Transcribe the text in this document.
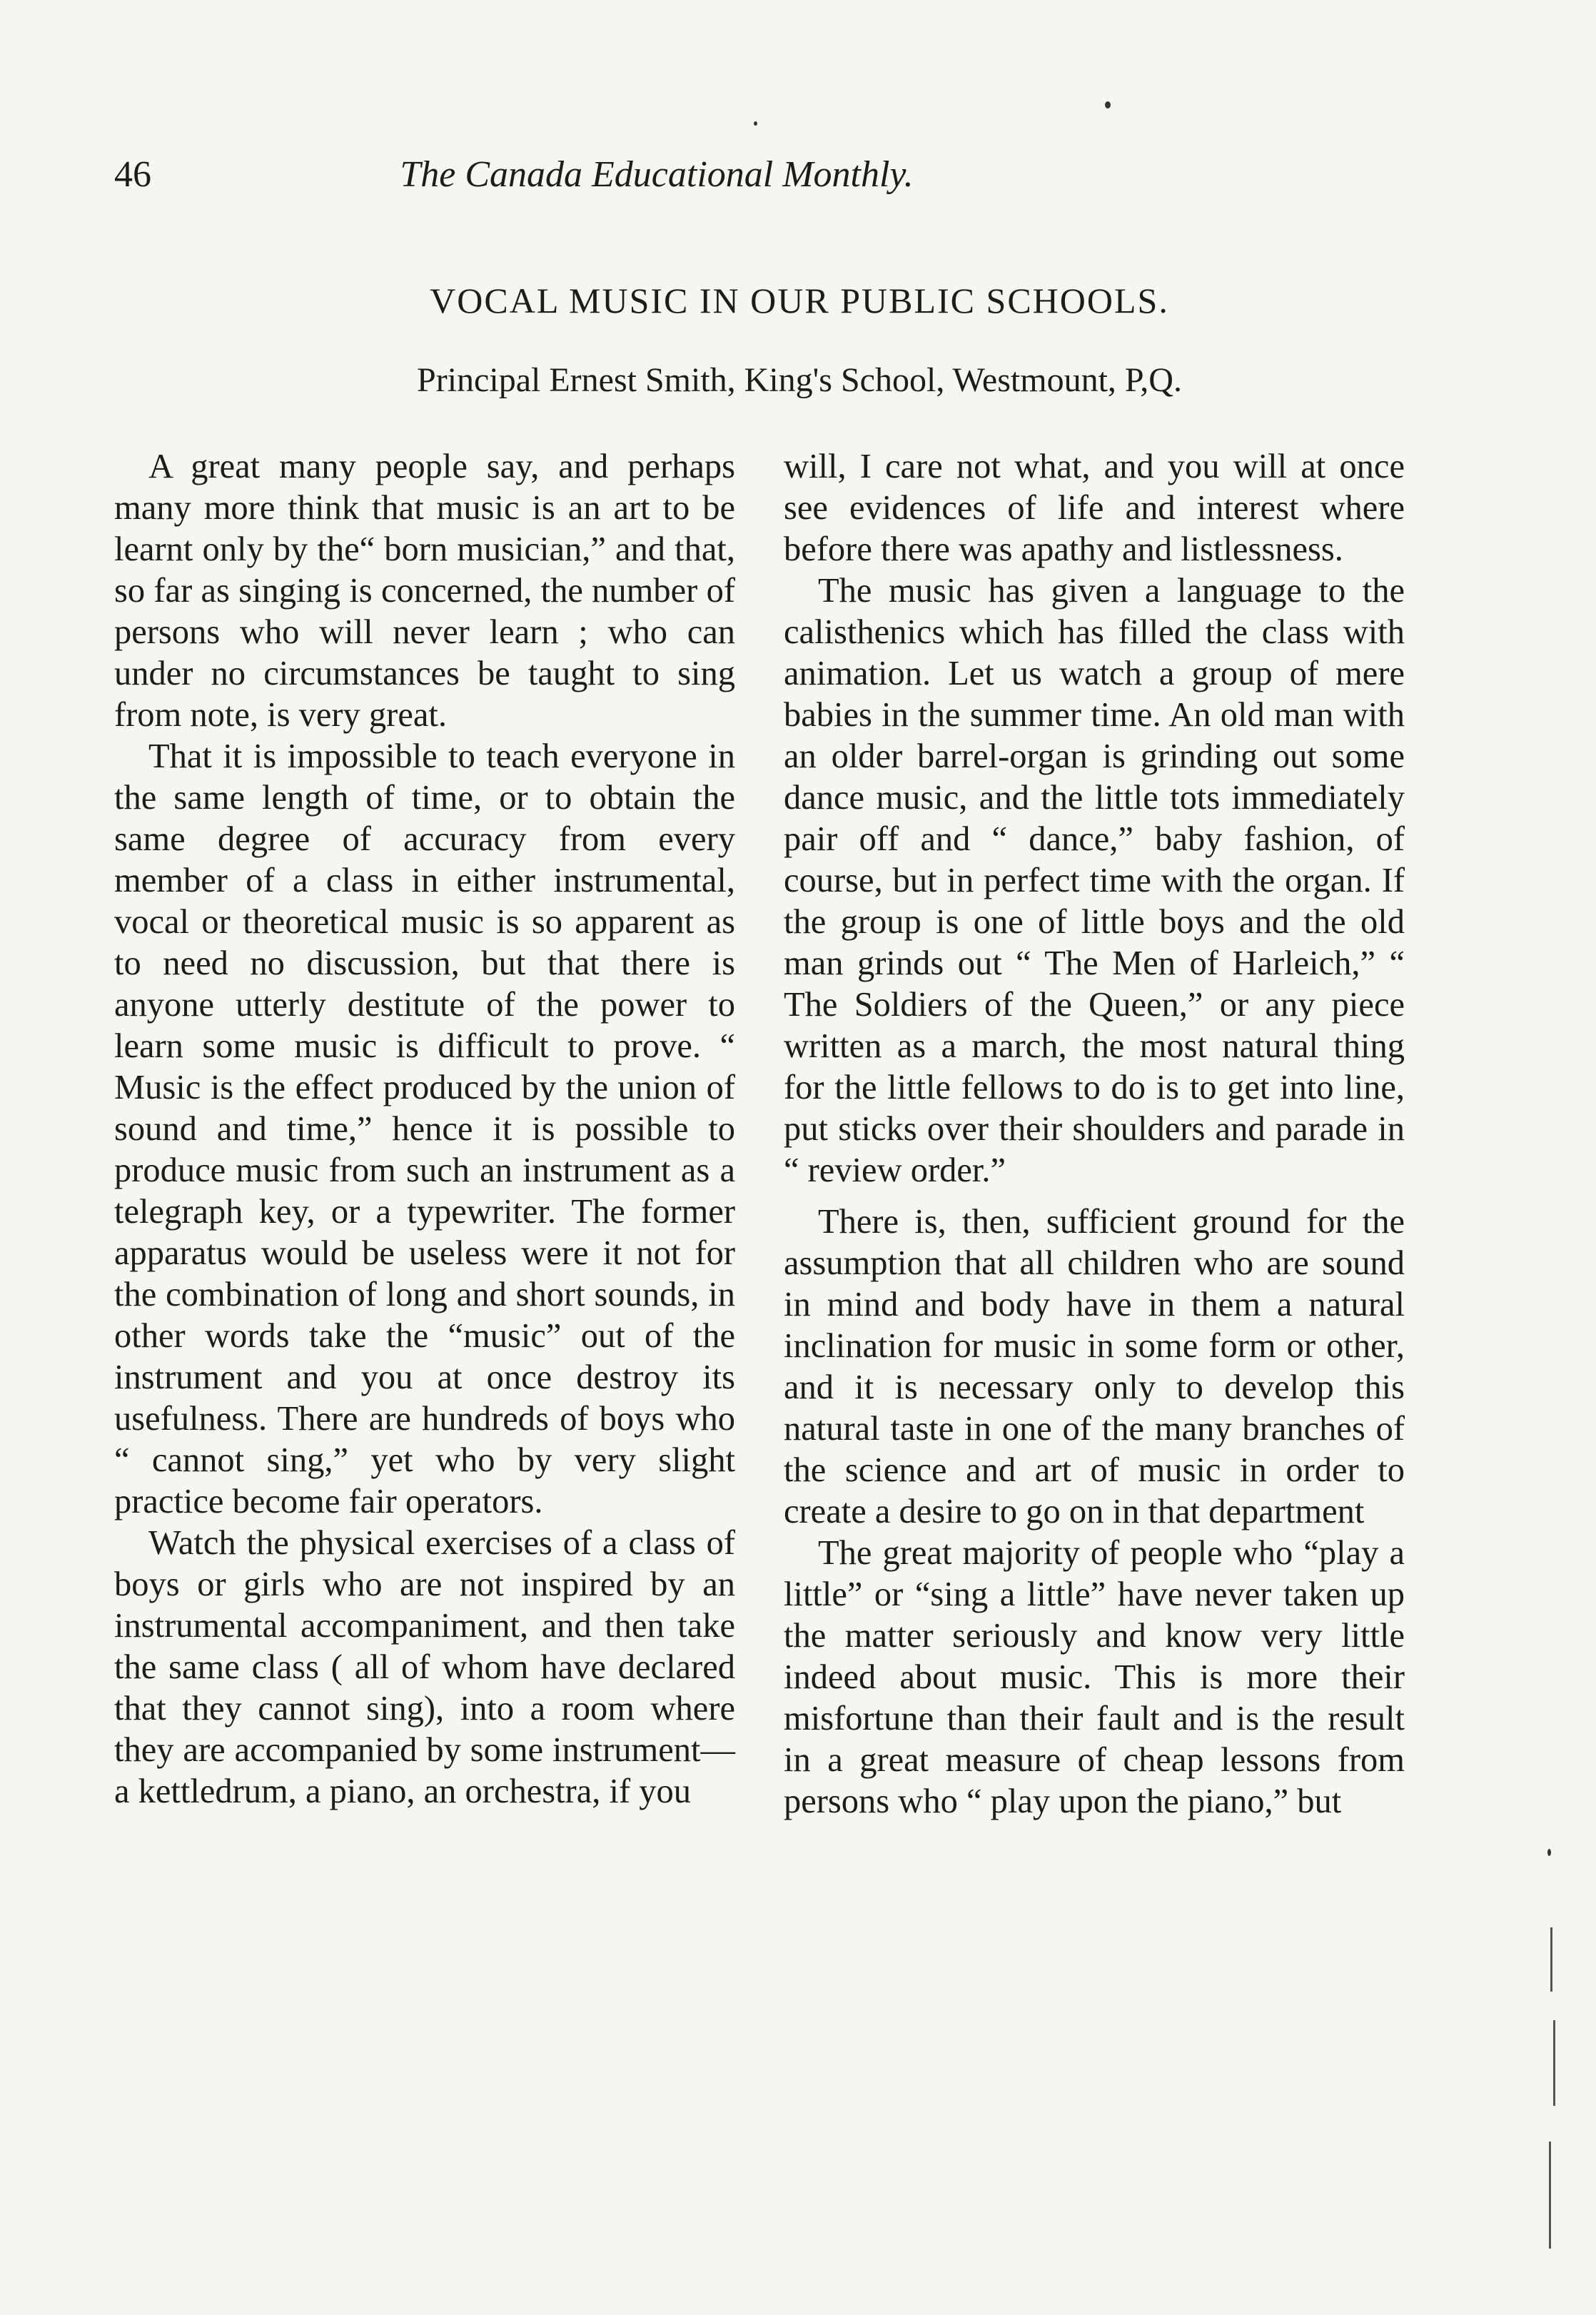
46	The Canada Educational Monthly.
VOCAL MUSIC IN OUR PUBLIC SCHOOLS.
Principal Ernest Smith, King's School, Westmount, P,Q.

A great many people say, and perhaps many more think that music is an art to be learnt only by the“ born musician,” and that, so far as singing is concerned, the number of persons who will never learn ; who can under no circumstances be taught to sing from note, is very great.

That it is impossible to teach everyone in the same length of time, or to obtain the same degree of accuracy from every member of a class in either instrumental, vocal or theoretical music is so apparent as to need no discussion, but that there is anyone utterly destitute of the power to learn some music is difficult to prove. “ Music is the effect produced by the union of sound and time,” hence it is possible to produce music from such an instrument as a telegraph key, or a typewriter. The former apparatus would be useless were it not for the combination of long and short sounds, in other words take the “music” out of the instrument and you at once destroy its usefulness. There are hundreds of boys who “ cannot sing,” yet who by very slight practice become fair operators.

Watch the physical exercises of a class of boys or girls who are not inspired by an instrumental accompaniment, and then take the same class ( all of whom have declared that they cannot sing), into a room where they are accompanied by some instrument—a kettledrum, a piano, an orchestra, if you

will, I care not what, and you will at once see evidences of life and interest where before there was apathy and listlessness.

The music has given a language to the calisthenics which has filled the class with animation. Let us watch a group of mere babies in the summer time. An old man with an older barrel-organ is grinding out some dance music, and the little tots immediately pair off and “ dance,” baby fashion, of course, but in perfect time with the organ. If the group is one of little boys and the old man grinds out “ The Men of Harleich,” “ The Soldiers of the Queen,” or any piece written as a march, the most natural thing for the little fellows to do is to get into line, put sticks over their shoulders and parade in “ review order.”

There is, then, sufficient ground for the assumption that all children who are sound in mind and body have in them a natural inclination for music in some form or other, and it is necessary only to develop this natural taste in one of the many branches of the science and art of music in order to create a desire to go on in that department

The great majority of people who “play a little” or “sing a little” have never taken up the matter seriously and know very little indeed about music. This is more their misfortune than their fault and is the result in a great measure of cheap lessons from persons who “ play upon the piano,” but
